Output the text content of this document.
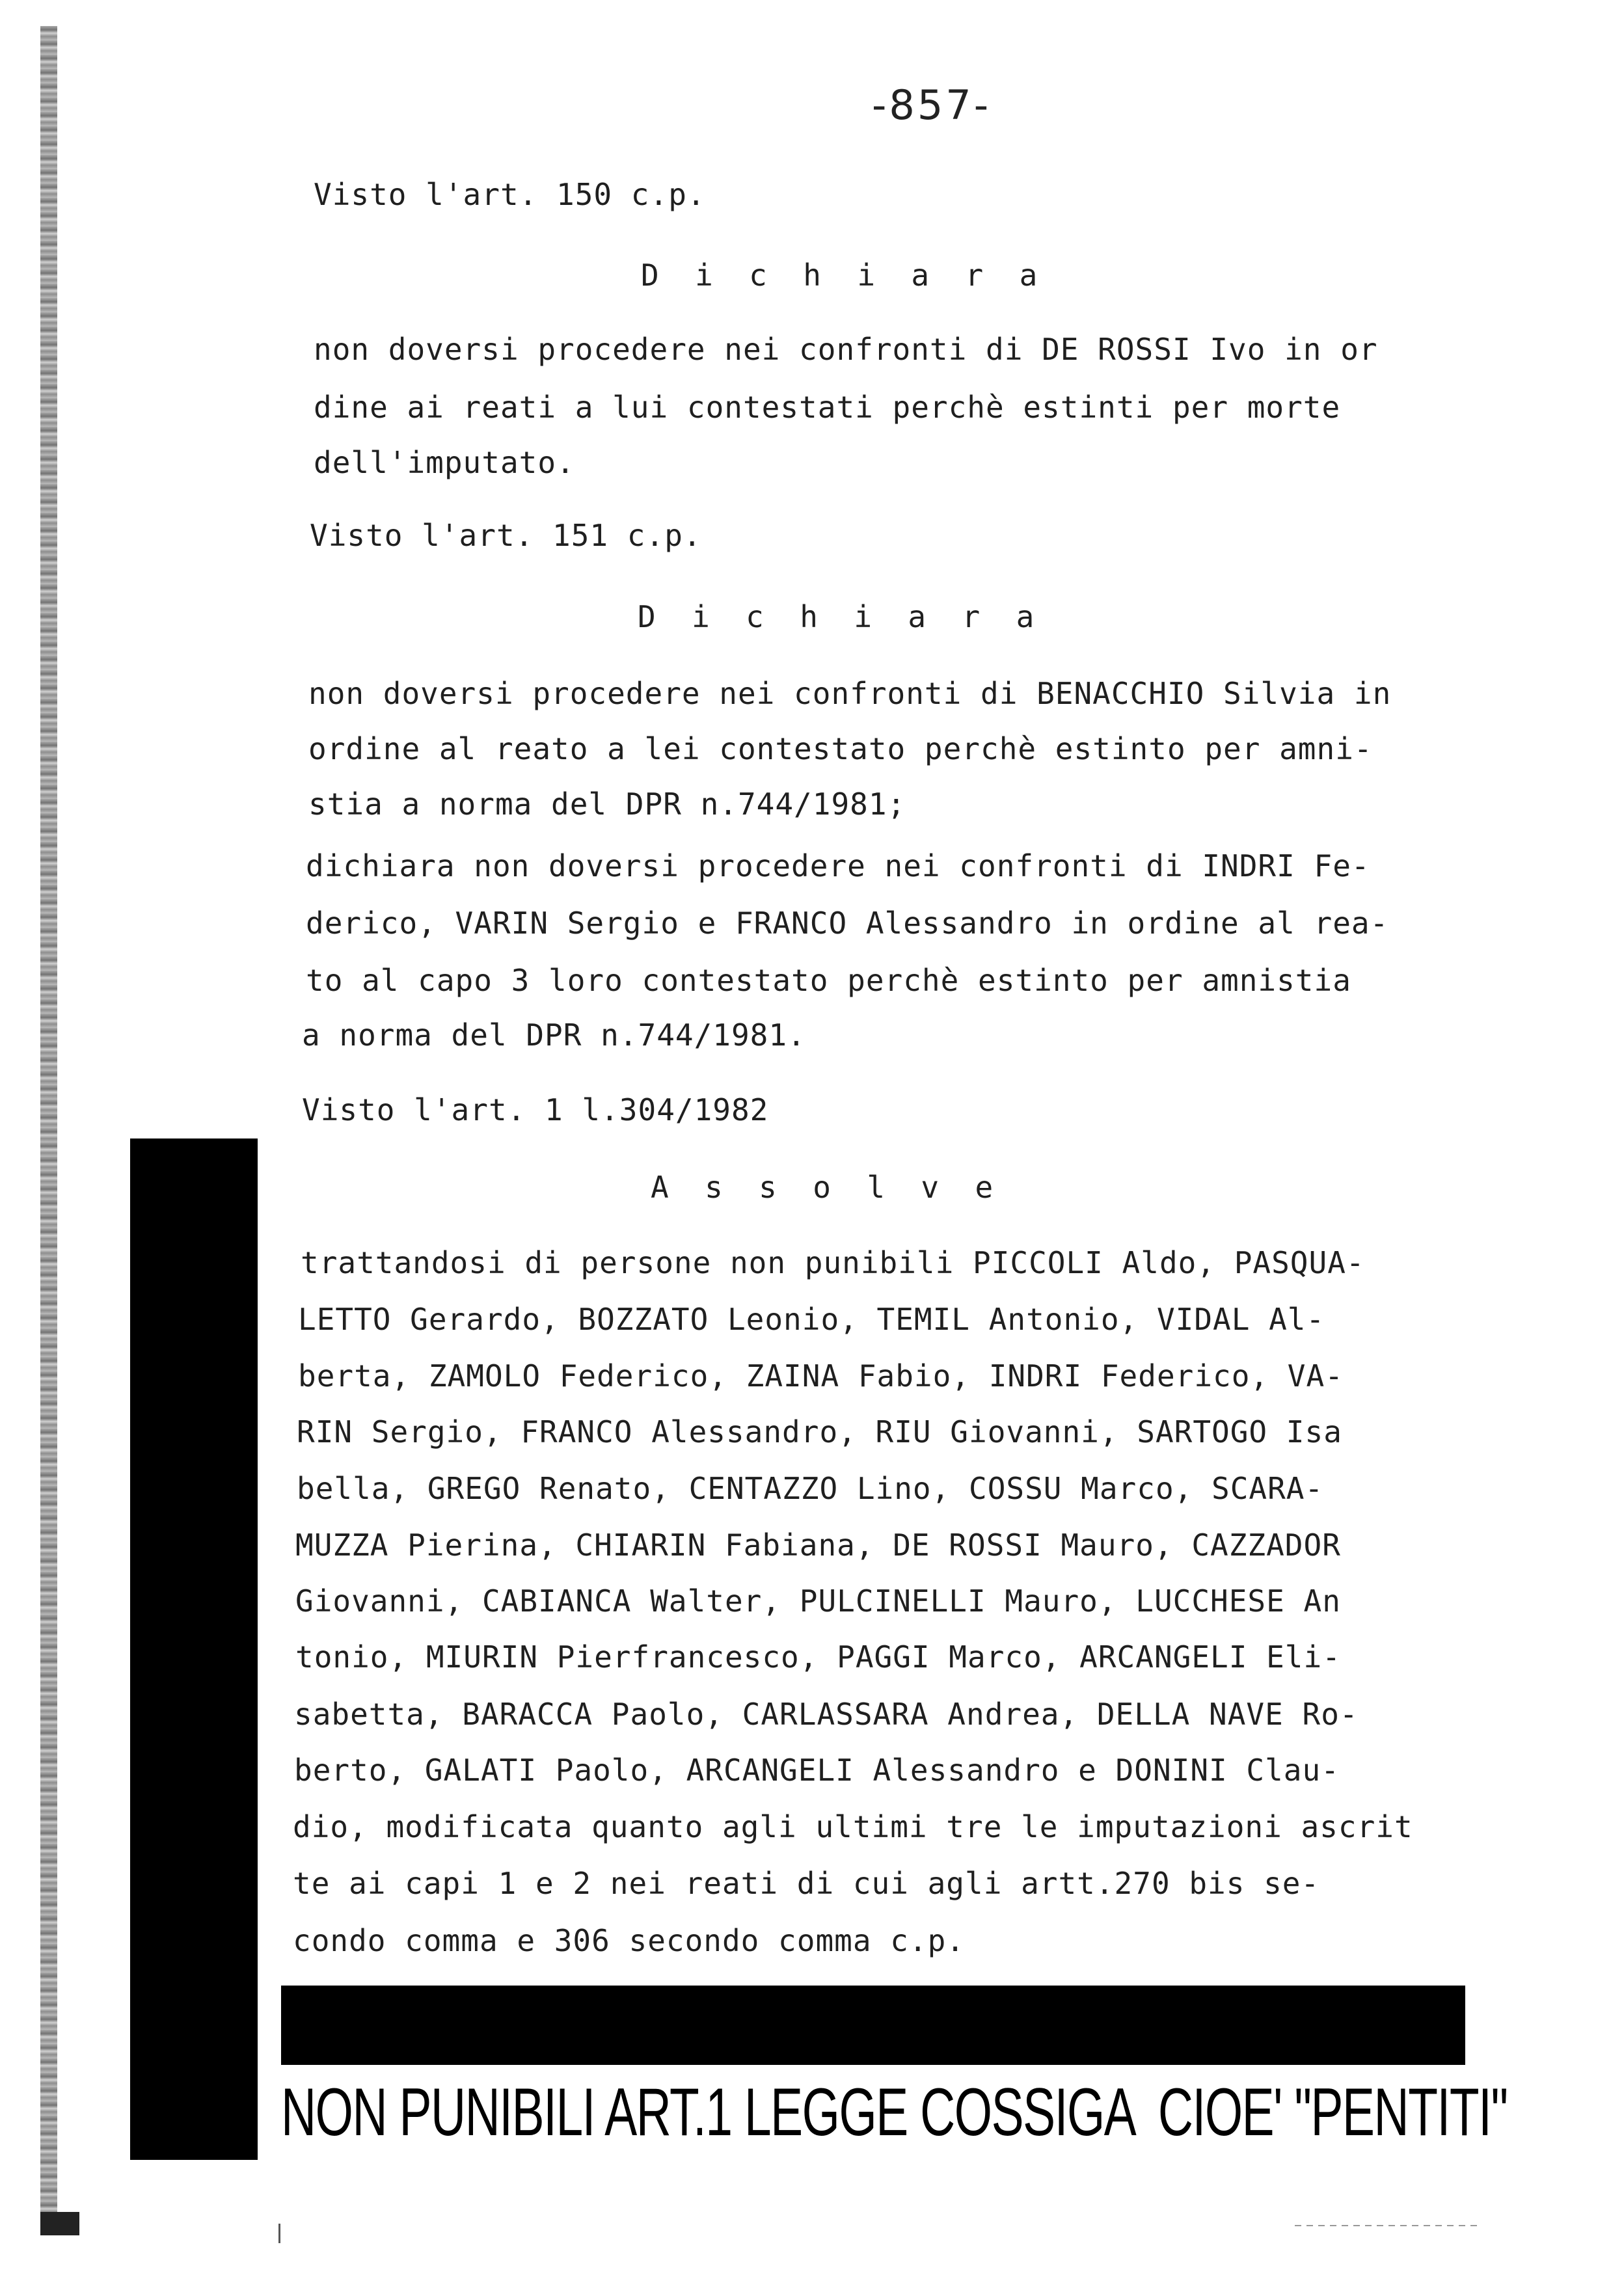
-857-
Visto l'art. 150 c.p.
D  i  c  h  i  a  r  a
non doversi procedere nei confronti di DE ROSSI Ivo in or
dine ai reati a lui contestati perchè estinti per morte
dell'imputato.
Visto l'art. 151 c.p.
D  i  c  h  i  a  r  a
non doversi procedere nei confronti di BENACCHIO Silvia in
ordine al reato a lei contestato perchè estinto per amni-
stia a norma del DPR n.744/1981;
dichiara non doversi procedere nei confronti di INDRI Fe-
derico, VARIN Sergio e FRANCO Alessandro in ordine al rea-
to al capo 3 loro contestato perchè estinto per amnistia
a norma del DPR n.744/1981.
Visto l'art. 1 l.304/1982
A  s  s  o  l  v  e
trattandosi di persone non punibili PICCOLI Aldo, PASQUA-
LETTO Gerardo, BOZZATO Leonio, TEMIL Antonio, VIDAL Al-
berta, ZAMOLO Federico, ZAINA Fabio, INDRI Federico, VA-
RIN Sergio, FRANCO Alessandro, RIU Giovanni, SARTOGO Isa
bella, GREGO Renato, CENTAZZO Lino, COSSU Marco, SCARA-
MUZZA Pierina, CHIARIN Fabiana, DE ROSSI Mauro, CAZZADOR
Giovanni, CABIANCA Walter, PULCINELLI Mauro, LUCCHESE An
tonio, MIURIN Pierfrancesco, PAGGI Marco, ARCANGELI Eli-
sabetta, BARACCA Paolo, CARLASSARA Andrea, DELLA NAVE Ro-
berto, GALATI Paolo, ARCANGELI Alessandro e DONINI Clau-
dio, modificata quanto agli ultimi tre le imputazioni ascrit
te ai capi 1 e 2 nei reati di cui agli artt.270 bis se-
condo comma e 306 secondo comma c.p.
NON PUNIBILI ART.1 LEGGE COSSIGA  CIOE' "PENTITI"
